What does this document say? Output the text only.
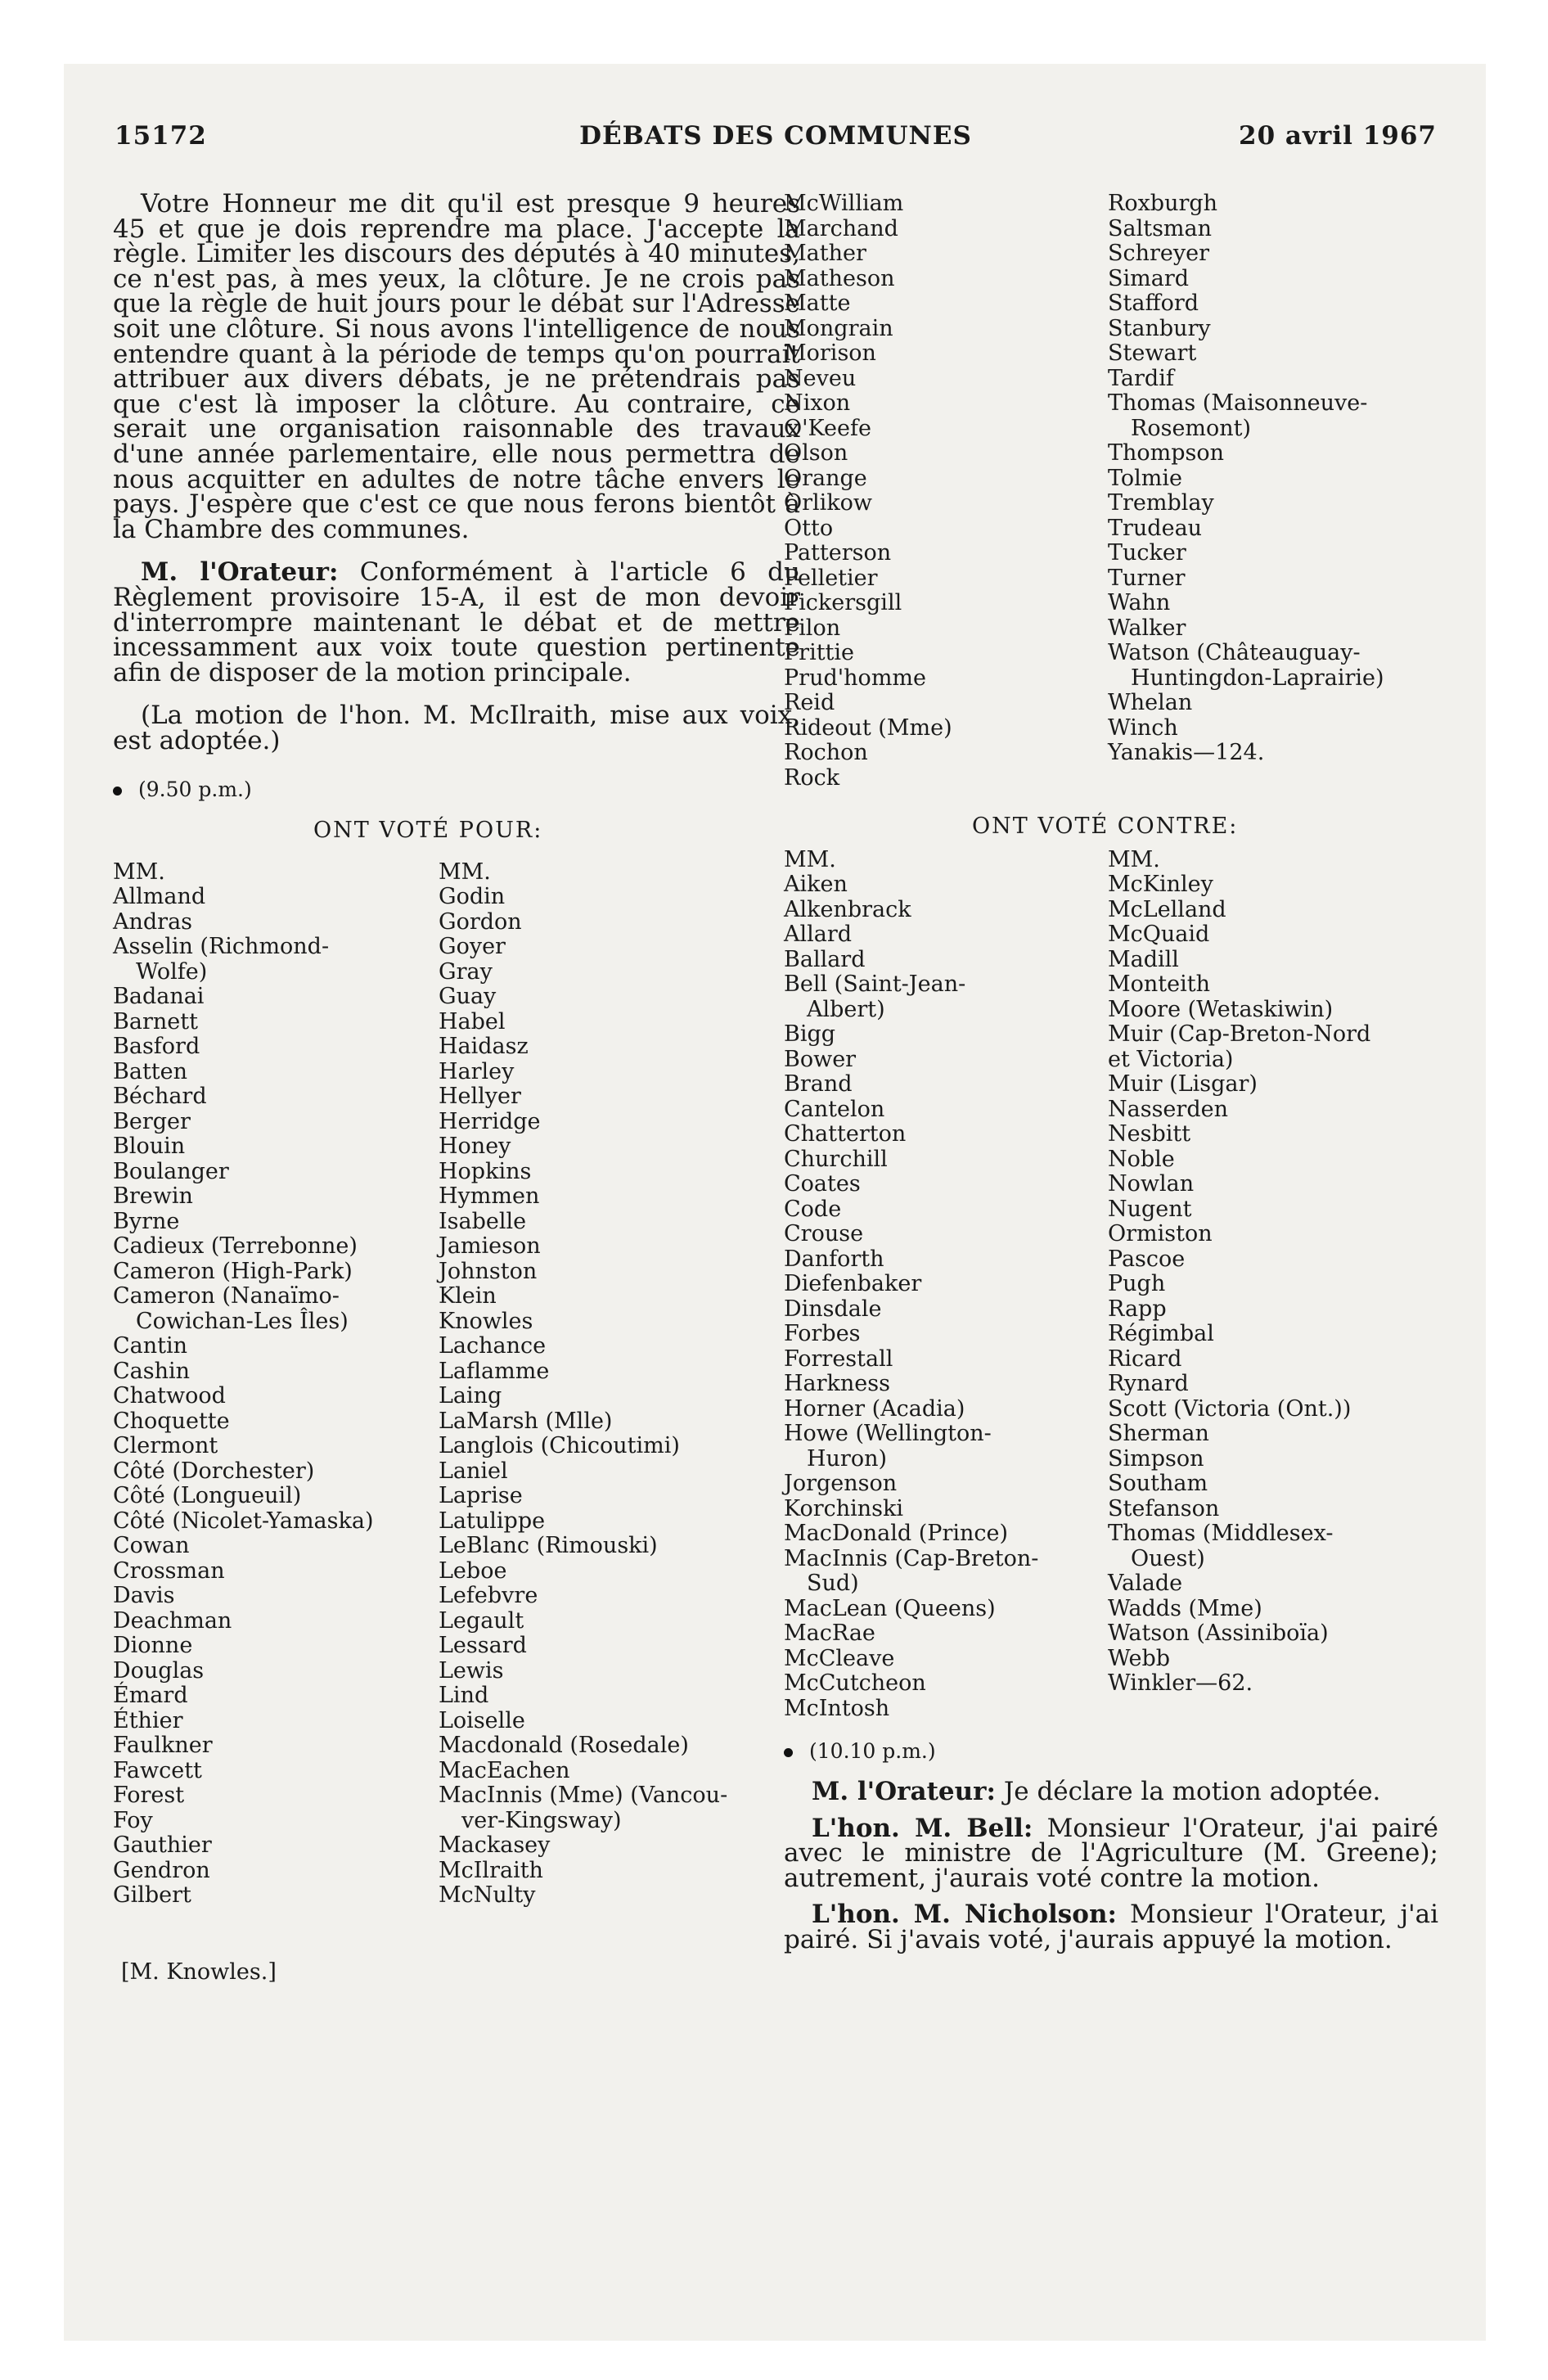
15172	DÉBATS DES COMMUNES	20 avril 1967

Votre Honneur me dit qu'il est presque 9 heures 45 et que je dois reprendre ma place. J'accepte la règle. Limiter les discours des députés à 40 minutes, ce n'est pas, à mes yeux, la clôture. Je ne crois pas que la règle de huit jours pour le débat sur l'Adresse soit une clôture. Si nous avons l'intelligence de nous entendre quant à la période de temps qu'on pourrait attribuer aux divers débats, je ne prétendrais pas que c'est là imposer la clôture. Au contraire, ce serait une organisation raisonnable des travaux d'une année parlementaire, elle nous permettra de nous acquitter en adultes de notre tâche envers le pays. J'espère que c'est ce que nous ferons bientôt à la Chambre des communes.

M. l'Orateur: Conformément à l'article 6 du Règlement provisoire 15-A, il est de mon devoir d'interrompre maintenant le débat et de mettre incessamment aux voix toute question pertinente afin de disposer de la motion principale.

(La motion de l'hon. M. McIlraith, mise aux voix, est adoptée.)

(9.50 p.m.)

ONT VOTÉ POUR:

MM.
Allmand
Andras
Asselin (Richmond-
Wolfe)
Badanai
Barnett
Basford
Batten
Béchard
Berger
Blouin
Boulanger
Brewin
Byrne
Cadieux (Terrebonne)
Cameron (High-Park)
Cameron (Nanaïmo-
Cowichan-Les Îles)
Cantin
Cashin
Chatwood
Choquette
Clermont
Côté (Dorchester)
Côté (Longueuil)
Côté (Nicolet-Yamaska)
Cowan
Crossman
Davis
Deachman
Dionne
Douglas
Émard
Éthier
Faulkner
Fawcett
Forest
Foy
Gauthier
Gendron
Gilbert
MM.
Godin
Gordon
Goyer
Gray
Guay
Habel
Haidasz
Harley
Hellyer
Herridge
Honey
Hopkins
Hymmen
Isabelle
Jamieson
Johnston
Klein
Knowles
Lachance
Laflamme
Laing
LaMarsh (Mlle)
Langlois (Chicoutimi)
Laniel
Laprise
Latulippe
LeBlanc (Rimouski)
Leboe
Lefebvre
Legault
Lessard
Lewis
Lind
Loiselle
Macdonald (Rosedale)
MacEachen
MacInnis (Mme) (Vancou-
ver-Kingsway)
Mackasey
McIlraith
McNulty
[M. Knowles.]
McWilliam
Marchand
Mather
Matheson
Matte
Mongrain
Morison
Neveu
Nixon
O'Keefe
Olson
Orange
Orlikow
Otto
Patterson
Pelletier
Pickersgill
Pilon
Prittie
Prud'homme
Reid
Rideout (Mme)
Rochon
Rock
Roxburgh
Saltsman
Schreyer
Simard
Stafford
Stanbury
Stewart
Tardif
Thomas (Maisonneuve-
Rosemont)
Thompson
Tolmie
Tremblay
Trudeau
Tucker
Turner
Wahn
Walker
Watson (Châteauguay-
Huntingdon-Laprairie)
Whelan
Winch
Yanakis—124.

ONT VOTÉ CONTRE:

MM.
Aiken
Alkenbrack
Allard
Ballard
Bell (Saint-Jean-
Albert)
Bigg
Bower
Brand
Cantelon
Chatterton
Churchill
Coates
Code
Crouse
Danforth
Diefenbaker
Dinsdale
Forbes
Forrestall
Harkness
Horner (Acadia)
Howe (Wellington-
Huron)
Jorgenson
Korchinski
MacDonald (Prince)
MacInnis (Cap-Breton-
Sud)
MacLean (Queens)
MacRae
McCleave
McCutcheon
McIntosh
MM.
McKinley
McLelland
McQuaid
Madill
Monteith
Moore (Wetaskiwin)
Muir (Cap-Breton-Nord
et Victoria)
Muir (Lisgar)
Nasserden
Nesbitt
Noble
Nowlan
Nugent
Ormiston
Pascoe
Pugh
Rapp
Régimbal
Ricard
Rynard
Scott (Victoria (Ont.))
Sherman
Simpson
Southam
Stefanson
Thomas (Middlesex-
Ouest)
Valade
Wadds (Mme)
Watson (Assiniboïa)
Webb
Winkler—62.

(10.10 p.m.)

M. l'Orateur: Je déclare la motion adoptée.

L'hon. M. Bell: Monsieur l'Orateur, j'ai pairé avec le ministre de l'Agriculture (M. Greene); autrement, j'aurais voté contre la motion.

L'hon. M. Nicholson: Monsieur l'Orateur, j'ai pairé. Si j'avais voté, j'aurais appuyé la motion.
